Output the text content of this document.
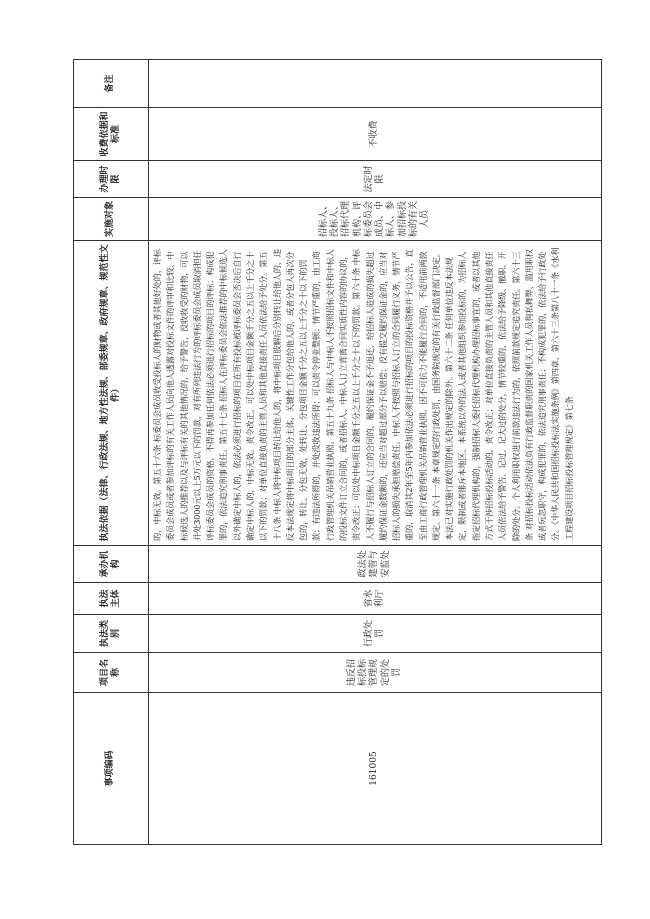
事项编码	项目名称	执法类别	执法主体	承办机构	执法依据（法律、行政法规、地方性法规、部委规章、政府规章、规范性文件）	实施对象	办理时限	收费依据和标准	备注
161005	违反招标投标管理规定的处罚	行政处罚	省水利厅	政法处建管与安监处	的，中标无效。第五十六条 标委员会成员收受投标人的财物或者其他好处的，评标委员会成员或者参加评标的有关工作人员向他人透露对投标文件的评审和比较、中标候选人的推荐以及与评标有关的其他情况的，给予警告，没收收受的财物，可以并处3000元以上5万元以下的罚款，对有所列违法行为的评标委员会成员取消担任评标委员会成员的资格，不得再参加任何依法必须进行招标的项目的评标；构成犯罪的，依法追究刑事责任。第五十七条 招标人在评标委员会依法推荐的中标候选人以外确定中标人的，依法必须进行招标的项目在所有投标被评标委员会否决后自行确定中标人的，中标无效。责令改正，可以处中标项目金额千分之五以上千分之十以下的罚款；对单位直接负责的主管人员和其他直接责任人员依法给予处分。第五十八条 中标人将中标项目转让给他人的，将中标项目肢解后分别转让给他人的，违反本法规定将中标项目的部分主体、关键性工作分包给他人的，或者分包人再次分包的，转让、分包无效，处转让、分包项目金额千分之五以上千分之十以下的罚款；有违法所得的，并处没收违法所得；可以责令停业整顿；情节严重的，由工商行政管理机关吊销营业执照。第五十九条 招标人与中标人不按照招标文件和中标人的投标文件订立合同的，或者招标人、中标人订立背离合同实质性内容的协议的，责令改正；可以处中标项目金额千分之五以上千分之十以下的罚款。第六十条 中标人不履行与招标人订立的合同的，履约保证金不予退还，给招标人造成的损失超过履约保证金数额的，还应当对超过部分予以赔偿；没有提交履约保证金的，应当对招标人的损失承担赔偿责任。中标人不按照与招标人订立的合同履行义务，情节严重的，取消其2年至5年内参加依法必须进行招标的项目的投标资格并予以公告，直至由工商行政管理机关吊销营业执照。因不可抗力不能履行合同的，不适用前两款规定。第六十一条 本章规定的行政处罚，由国务院规定的有关行政监督部门决定。本法已对实施行政处罚的机关作出规定的除外。第六十二条 任何单位违反本法规定，限制或者排斥本地区、本系统以外的法人或者其他组织参加投标的，为招标人指定招标代理机构的，强制招标人委托招标代理机构办理招标事宜的，或者以其他方式干涉招标投标活动的，责令改正；对单位直接负责的主管人员和其他直接责任人员依法给予警告、记过、记大过的处分，情节较重的，依法给予降级、撤职、开除的处分。个人利用职权进行前款违法行为的，依照前款规定追究责任。第六十三条 对招标投标活动依法负有行政监督职责的国家机关工作人员徇私舞弊、滥用职权或者玩忽职守，构成犯罪的，依法追究刑事责任；不构成犯罪的，依法给予行政处分。《中华人民共和国招标投标法实施条例》第四章、第六十三条第八十一条《水利工程建设项目招标投标管理规定》第七条	招标人、投标人、招标代理机构、评标委员会成员、中标人、参加招标投标的有关人员	法定时限	不收费	
